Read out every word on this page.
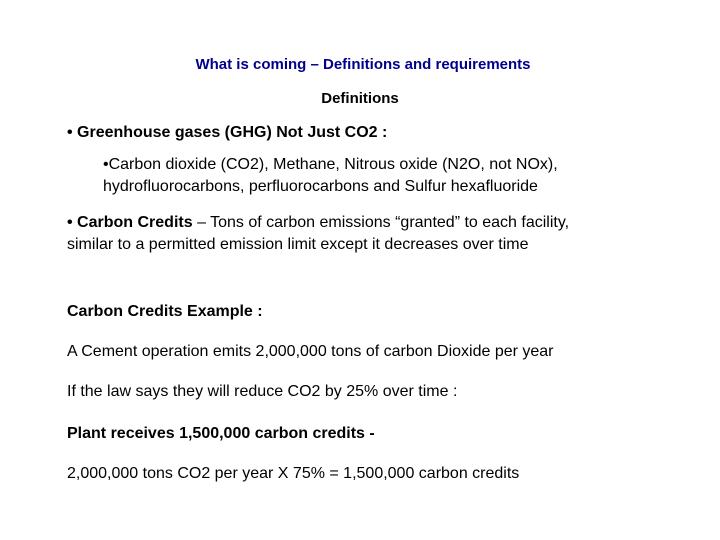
What is coming – Definitions and requirements
Definitions
• Greenhouse gases (GHG) Not Just CO2 :
•Carbon dioxide (CO2), Methane, Nitrous oxide (N2O, not NOx),
hydrofluorocarbons, perfluorocarbons and Sulfur hexafluoride
• Carbon Credits – Tons of carbon emissions “granted” to each facility,
similar to a permitted emission limit except it decreases over time
Carbon Credits Example :
A Cement operation emits 2,000,000 tons of carbon Dioxide per year
If the law says they will reduce CO2 by 25% over time :
Plant receives 1,500,000 carbon credits -
2,000,000 tons CO2 per year X 75% = 1,500,000 carbon credits
